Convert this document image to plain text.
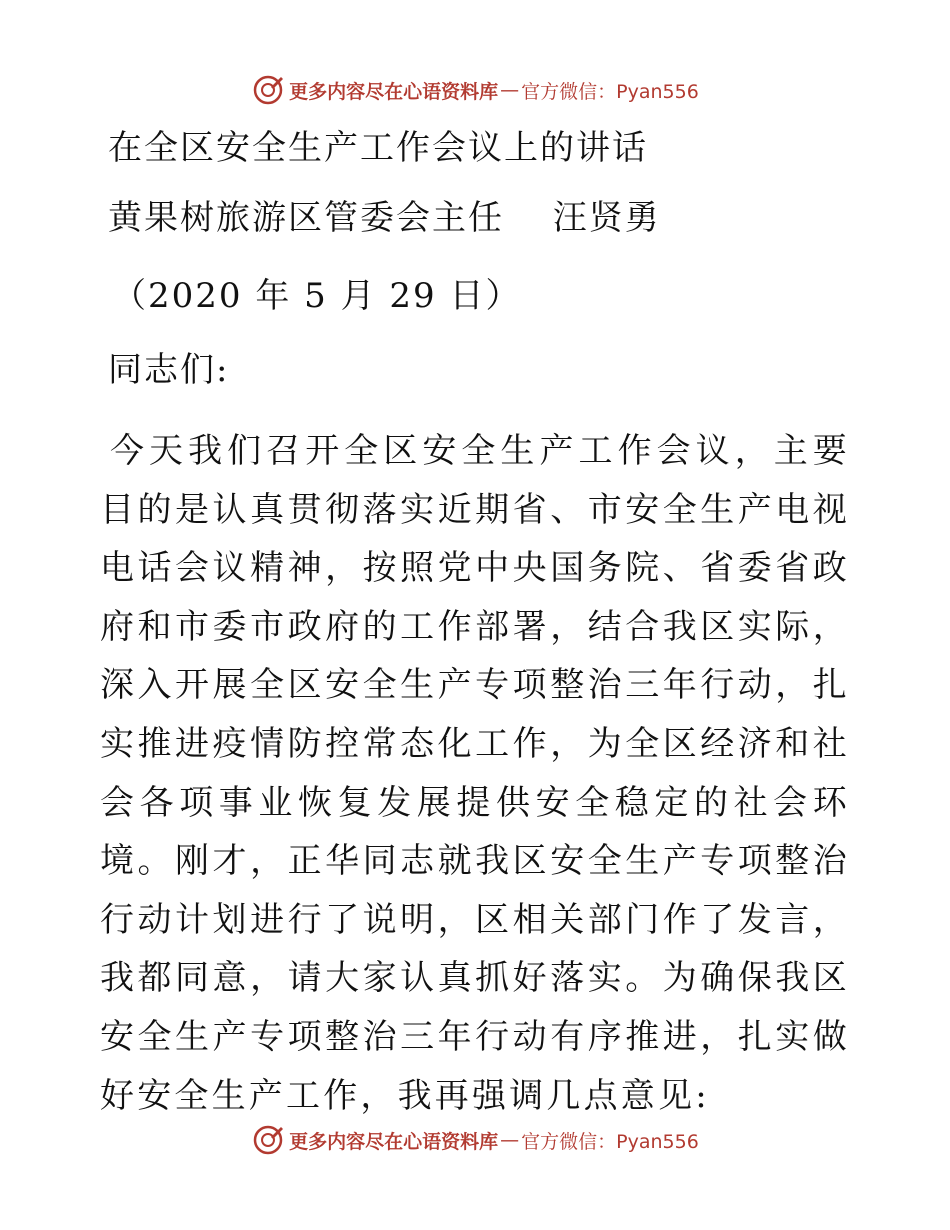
更多内容尽在心语资料库 — 官方微信：Pyan556
在全区安全生产工作会议上的讲话
黄果树旅游区管委会主任　 汪贤勇
（2020 年 5 月 29 日）
同志们:
今天我们召开全区安全生产工作会议，主要目的是认真贯彻落实近期省、市安全生产电视电话会议精神，按照党中央国务院、省委省政府和市委市政府的工作部署，结合我区实际，深入开展全区安全生产专项整治三年行动，扎实推进疫情防控常态化工作，为全区经济和社会各项事业恢复发展提供安全稳定的社会环境。刚才，正华同志就我区安全生产专项整治行动计划进行了说明，区相关部门作了发言，我都同意，请大家认真抓好落实。为确保我区安全生产专项整治三年行动有序推进，扎实做好安全生产工作，我再强调几点意见:
更多内容尽在心语资料库 — 官方微信：Pyan556
